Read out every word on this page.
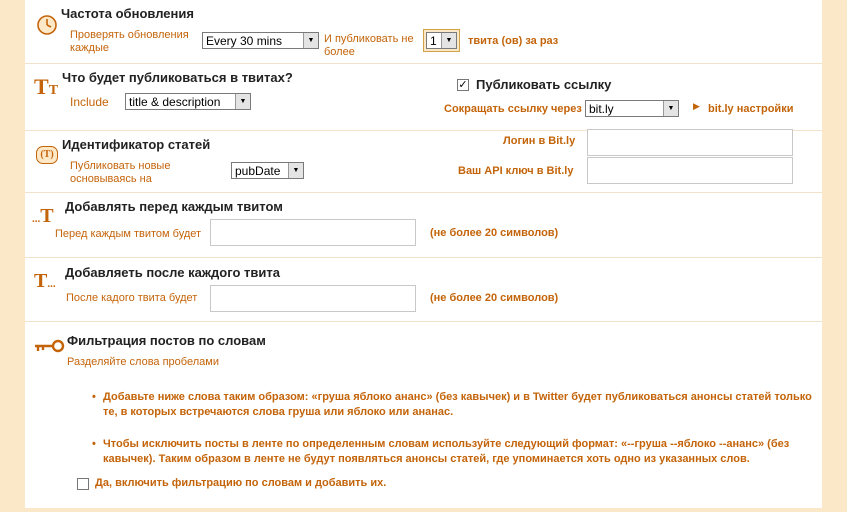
Частота обновления
Проверять обновления каждые	Every 30 mins	▼ И публиковать не более
1	▼	твита (ов) за раз
TT
Что будет публиковаться в твитах?
Include	title & description	▼
✓ Публиковать ссылку
Сокращать ссылку через bit.ly	▼	▶ bit.ly настройки
(T)
Идентификатор статей
Публиковать новые основываясь на
pubDate	▼
Логин в Bit.ly
Ваш API ключ в Bit.ly
...T Добавлять перед каждым твитом
Перед каждым твитом будет	(не более 20 символов)
T...
Добавляеть после каждого твита
После кадого твита будет	(не более 20 символов)
Фильтрация постов по словам
Разделяйте слова пробелами
• Добавьте ниже слова таким образом: «груша яблоко ананс» (без кавычек) и в Twitter будет публиковаться анонсы статей только те, в которых встречаются слова груша или яблоко или ананас.
• Чтобы исключить посты в ленте по определенным словам используйте следующий формат: «--груша --яблоко --ананс» (без кавычек). Таким образом в ленте не будут появляться анонсы статей, где упоминается хоть одно из указанных слов.
Да, включить фильтрацию по словам и добавить их.
